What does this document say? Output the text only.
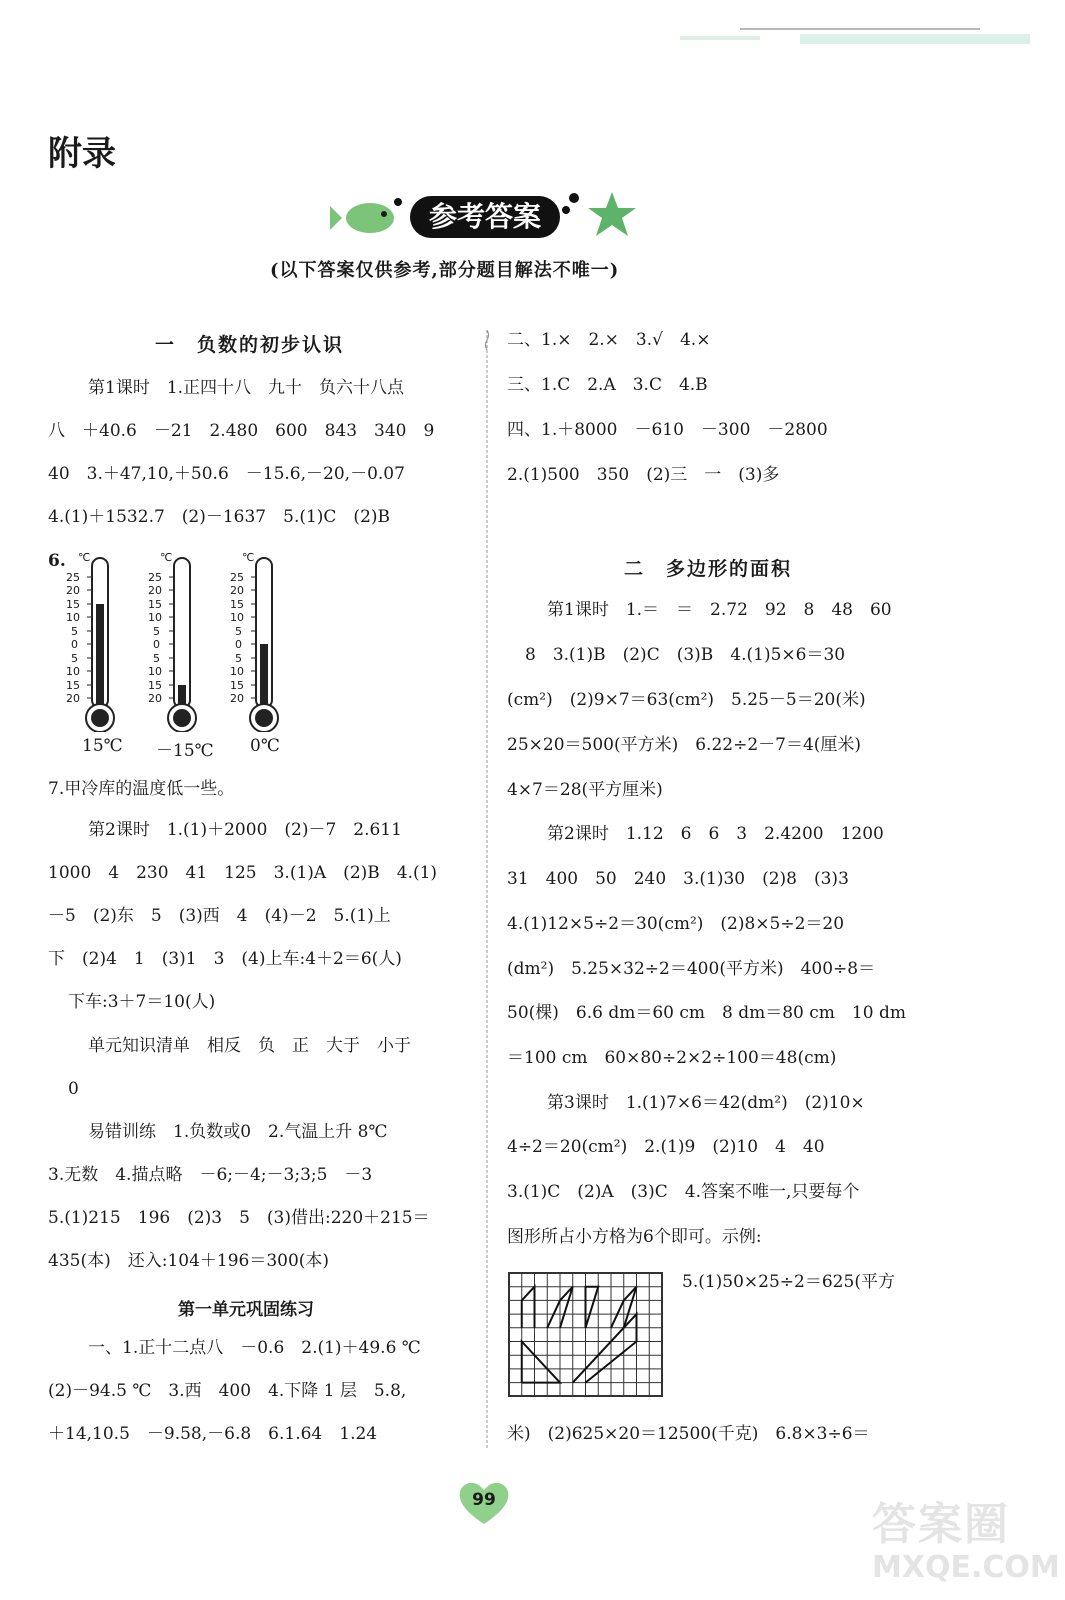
附录
参考答案
(以下答案仅供参考,部分题目解法不唯一)
一　负数的初步认识
第1课时　1.正四十八　九十　负六十八点
八　＋40.6　－21　2.480　600　843　340　9
40　3.＋47,10,＋50.6　－15.6,－20,－0.07
4.(1)＋1532.7　(2)－1637　5.(1)C　(2)B
6. ℃
25
20
15
10
5
0
5
10
15
20
15℃
℃
25
20
15
10
5
0
5
10
15
20
－15℃
℃
25
20
15
10
5
0
5
10
15
20
0℃
7.甲冷库的温度低一些。
第2课时　1.(1)＋2000　(2)－7　2.611
1000　4　230　41　125　3.(1)A　(2)B　4.(1)
－5　(2)东　5　(3)西　4　(4)－2　5.(1)上
下　(2)4　1　(3)1　3　(4)上车:4＋2＝6(人)
下车:3＋7＝10(人)
单元知识清单　相反　负　正　大于　小于
0
易错训练　1.负数或0　2.气温上升 8℃
3.无数　4.描点略　－6;－4;－3;3;5　－3
5.(1)215　196　(2)3　5　(3)借出:220＋215＝
435(本)　还入:104＋196＝300(本)
第一单元巩固练习
一、1.正十二点八　－0.6　2.(1)＋49.6 ℃
(2)－94.5 ℃　3.西　400　4.下降 1 层　5.8,
＋14,10.5　－9.58,－6.8　6.1.64　1.24
二、1.×　2.×　3.√　4.×
三、1.C　2.A　3.C　4.B
四、1.＋8000　－610　－300　－2800
2.(1)500　350　(2)三　一　(3)多
二　多边形的面积
第1课时　1.＝　＝　2.72　92　8　48　60
8　3.(1)B　(2)C　(3)B　4.(1)5×6＝30
(cm²)　(2)9×7＝63(cm²)　5.25－5＝20(米)
25×20＝500(平方米)　6.22÷2－7＝4(厘米)
4×7＝28(平方厘米)
第2课时　1.12　6　6　3　2.4200　1200
31　400　50　240　3.(1)30　(2)8　(3)3
4.(1)12×5÷2＝30(cm²)　(2)8×5÷2＝20
(dm²)　5.25×32÷2＝400(平方米)　400÷8＝
50(棵)　6.6 dm＝60 cm　8 dm＝80 cm　10 dm
＝100 cm　60×80÷2×2÷100＝48(cm)
第3课时　1.(1)7×6＝42(dm²)　(2)10×
4÷2＝20(cm²)　2.(1)9　(2)10　4　40
3.(1)C　(2)A　(3)C　4.答案不唯一,只要每个
图形所占小方格为6个即可。示例:
5.(1)50×25÷2＝625(平方
米)　(2)625×20＝12500(千克)　6.8×3÷6＝
99	答案圈
MXQE.COM
